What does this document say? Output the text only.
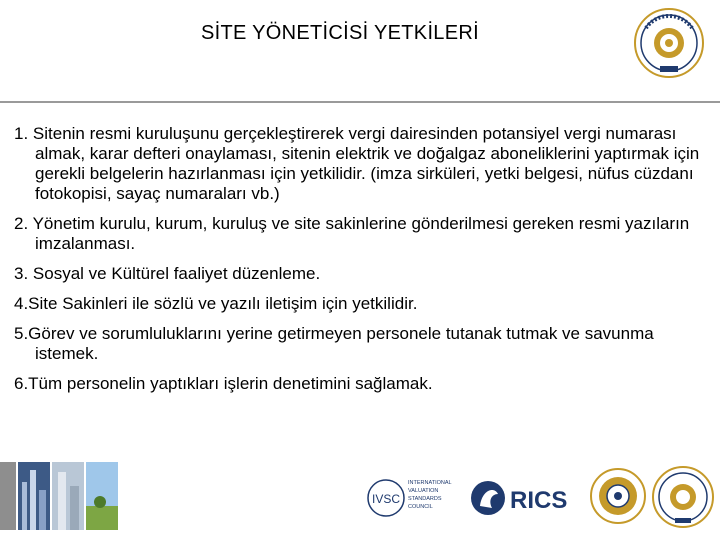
SİTE YÖNETİCİSİ YETKİLERİ
1. Sitenin resmi kuruluşunu gerçekleştirerek vergi dairesinden potansiyel vergi numarası almak, karar defteri onaylaması, sitenin elektrik ve doğalgaz aboneliklerini yaptırmak için gerekli belgelerin hazırlanması için yetkilidir. (imza sirküleri, yetki belgesi, nüfus cüzdanı fotokopisi, sayaç numaraları vb.)
2. Yönetim kurulu, kurum, kuruluş ve site sakinlerine gönderilmesi gereken resmi yazıların imzalanması.
3. Sosyal ve Kültürel faaliyet düzenleme.
4.Site Sakinleri ile sözlü ve yazılı iletişim için yetkilidir.
5.Görev ve sorumluluklarını yerine getirmeyen personele tutanak tutmak ve savunma istemek.
6.Tüm personelin yaptıkları işlerin denetimini sağlamak.
IVSC
INTERNATIONAL
VALUATION
STANDARDS
COUNCIL	RICS
